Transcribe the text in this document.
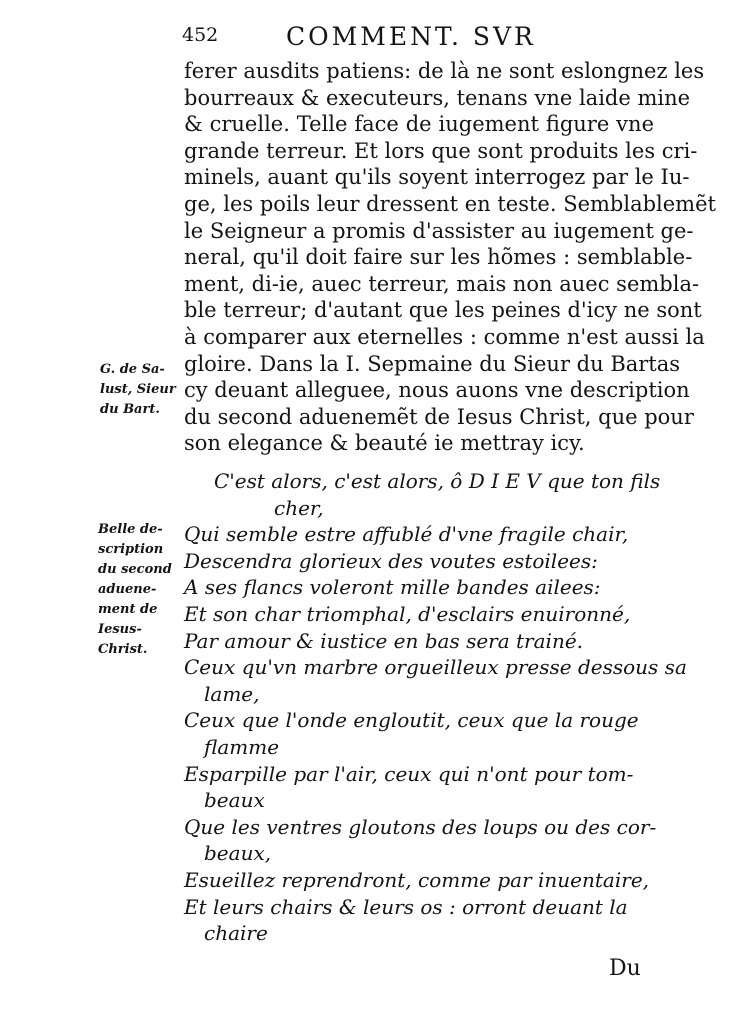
452	COMMENT. SVR
ferer ausdits patiens: de là ne sont eslongnez les
bourreaux & executeurs, tenans vne laide mine
& cruelle. Telle face de iugement figure vne
grande terreur. Et lors que sont produits les cri-
minels, auant qu'ils soyent interrogez par le Iu-
ge, les poils leur dressent en teste. Semblablemẽt
le Seigneur a promis d'assister au iugement ge-
neral, qu'il doit faire sur les hõmes : semblable-
ment, di-ie, auec terreur, mais non auec sembla-
ble terreur; d'autant que les peines d'icy ne sont
à comparer aux eternelles : comme n'est aussi la
gloire. Dans la I. Sepmaine du Sieur du Bartas
cy deuant alleguee, nous auons vne description
du second aduenemẽt de Iesus Christ, que pour
son elegance & beauté ie mettray icy.
C'est alors, c'est alors, ô D I E V que ton fils
cher,
Qui semble estre affublé d'vne fragile chair,
Descendra glorieux des voutes estoilees:
A ses flancs voleront mille bandes ailees:
Et son char triomphal, d'esclairs enuironné,
Par amour & iustice en bas sera trainé.
Ceux qu'vn marbre orgueilleux presse dessous sa
lame,
Ceux que l'onde engloutit, ceux que la rouge
flamme
Esparpille par l'air, ceux qui n'ont pour tom-
beaux
Que les ventres gloutons des loups ou des cor-
beaux,
Esueillez reprendront, comme par inuentaire,
Et leurs chairs & leurs os : orront deuant la
chaire
G. de Sa-
lust, Sieur
du Bart.
Belle de-
scription
du second
aduene-
ment de
Iesus-
Christ.
Du
